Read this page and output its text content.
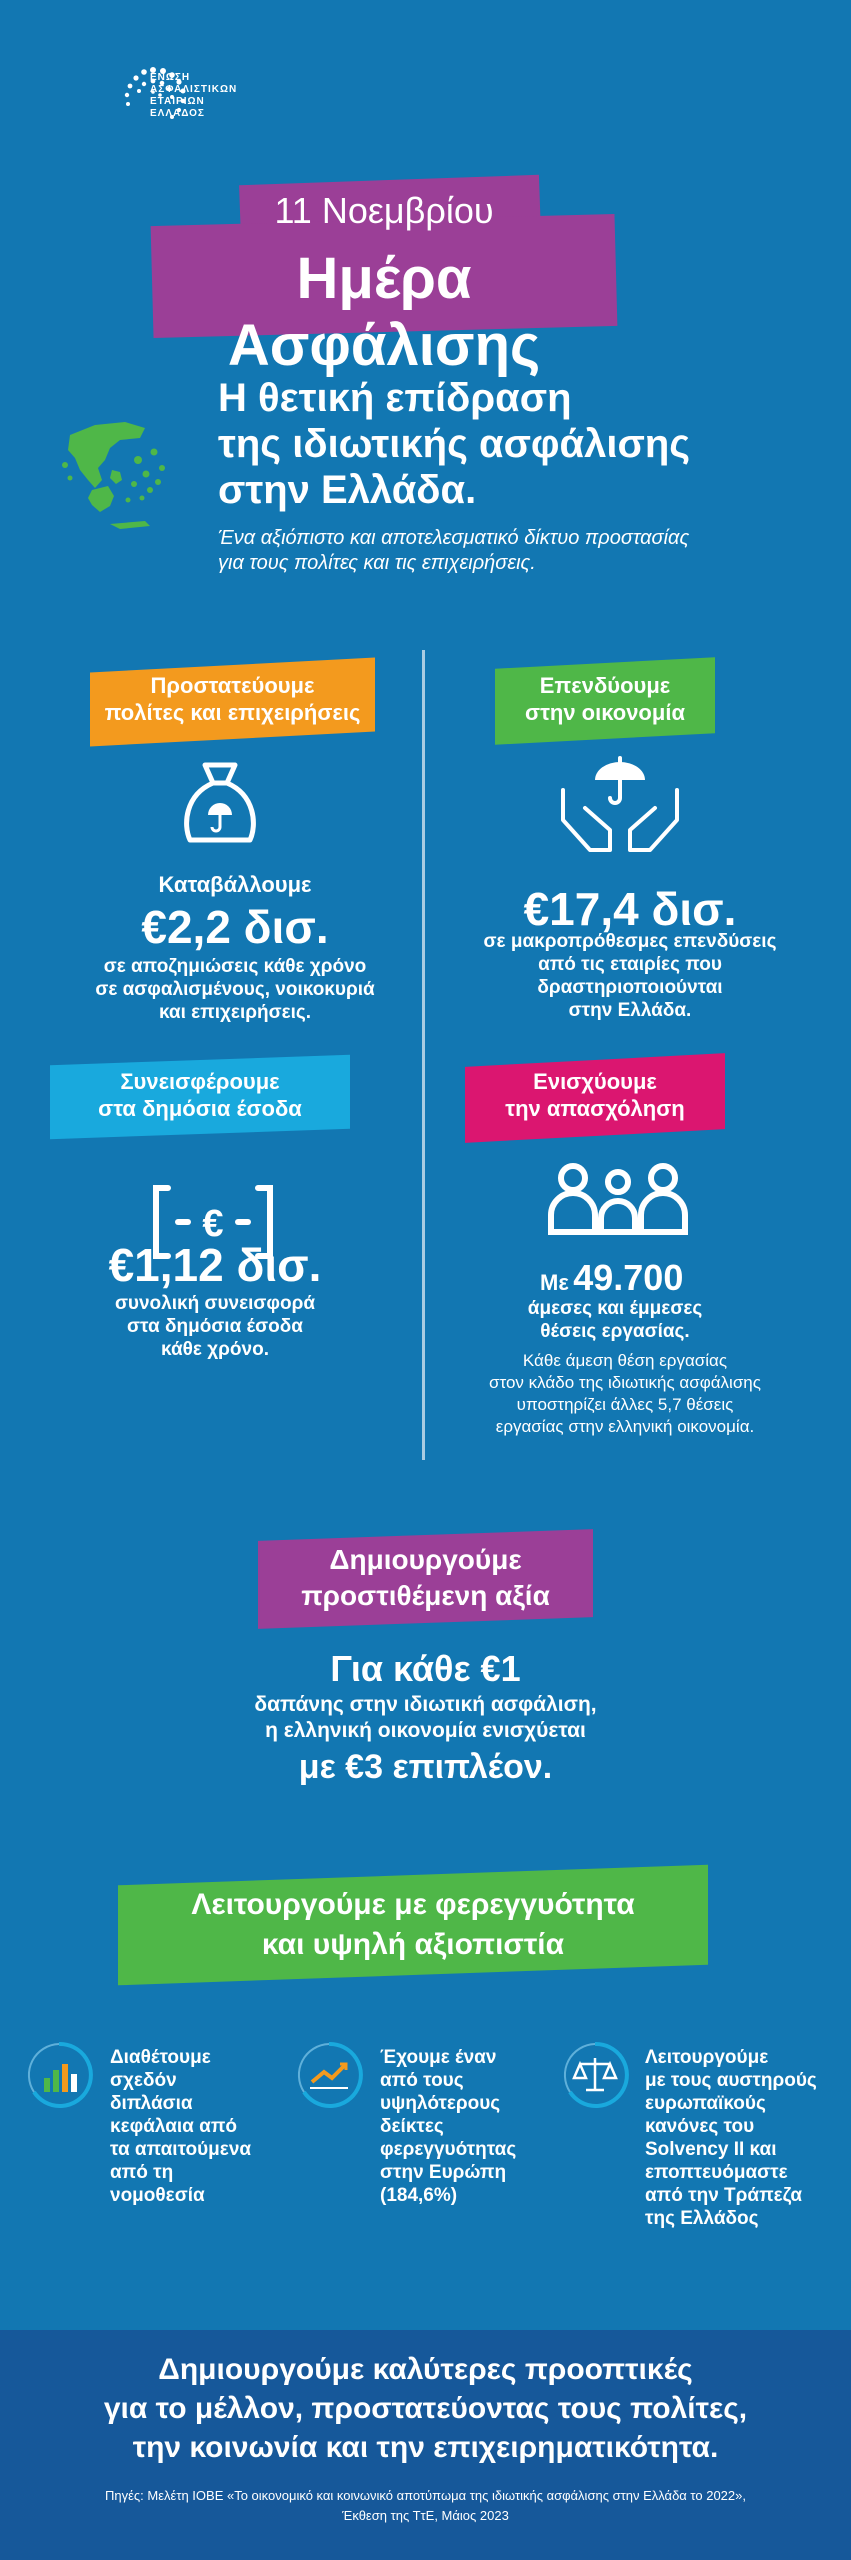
ΕΝΩΣΗ
ΑΣΦΑΛΙΣΤΙΚΩΝ
ΕΤΑΙΡΙΩΝ
ΕΛΛΑΔΟΣ
11 Νοεμβρίου
Ημέρα Ασφάλισης
Η θετική επίδραση
της ιδιωτικής ασφάλισης
στην Ελλάδα.
Ένα αξιόπιστο και αποτελεσματικό δίκτυο προστασίας
για τους πολίτες και τις επιχειρήσεις.
Προστατεύουμε
πολίτες και επιχειρήσεις
Καταβάλλουμε
€2,2 δισ.
σε αποζημιώσεις κάθε χρόνο
σε ασφαλισμένους, νοικοκυριά
και επιχειρήσεις.
Επενδύουμε
στην οικονομία
€17,4 δισ.
σε μακροπρόθεσμες επενδύσεις
από τις εταιρίες που
δραστηριοποιούνται
στην Ελλάδα.
Συνεισφέρουμε
στα δημόσια έσοδα
€
€1,12 δισ.
συνολική συνεισφορά
στα δημόσια έσοδα
κάθε χρόνο.
Ενισχύουμε
την απασχόληση
Με 49.700
άμεσες και έμμεσες
θέσεις εργασίας.
Κάθε άμεση θέση εργασίας
στον κλάδο της ιδιωτικής ασφάλισης
υποστηρίζει άλλες 5,7 θέσεις
εργασίας στην ελληνική οικονομία.
Δημιουργούμε
προστιθέμενη αξία
Για κάθε €1
δαπάνης στην ιδιωτική ασφάλιση,
η ελληνική οικονομία ενισχύεται
με €3 επιπλέον.
Λειτουργούμε με φερεγγυότητα
και υψηλή αξιοπιστία
Διαθέτουμε
σχεδόν
διπλάσια
κεφάλαια από
τα απαιτούμενα
από τη
νομοθεσία
Έχουμε έναν
από τους
υψηλότερους
δείκτες
φερεγγυότητας
στην Ευρώπη
(184,6%)
Λειτουργούμε
με τους αυστηρούς
ευρωπαϊκούς
κανόνες του
Solvency II και
εποπτευόμαστε
από την Τράπεζα
της Ελλάδος
Δημιουργούμε καλύτερες προοπτικές
για το μέλλον, προστατεύοντας τους πολίτες,
την κοινωνία και την επιχειρηματικότητα.
Πηγές: Μελέτη ΙΟΒΕ «Το οικονομικό και κοινωνικό αποτύπωμα της ιδιωτικής ασφάλισης στην Ελλάδα το 2022»,
Έκθεση της ΤτΕ, Μάιος 2023
